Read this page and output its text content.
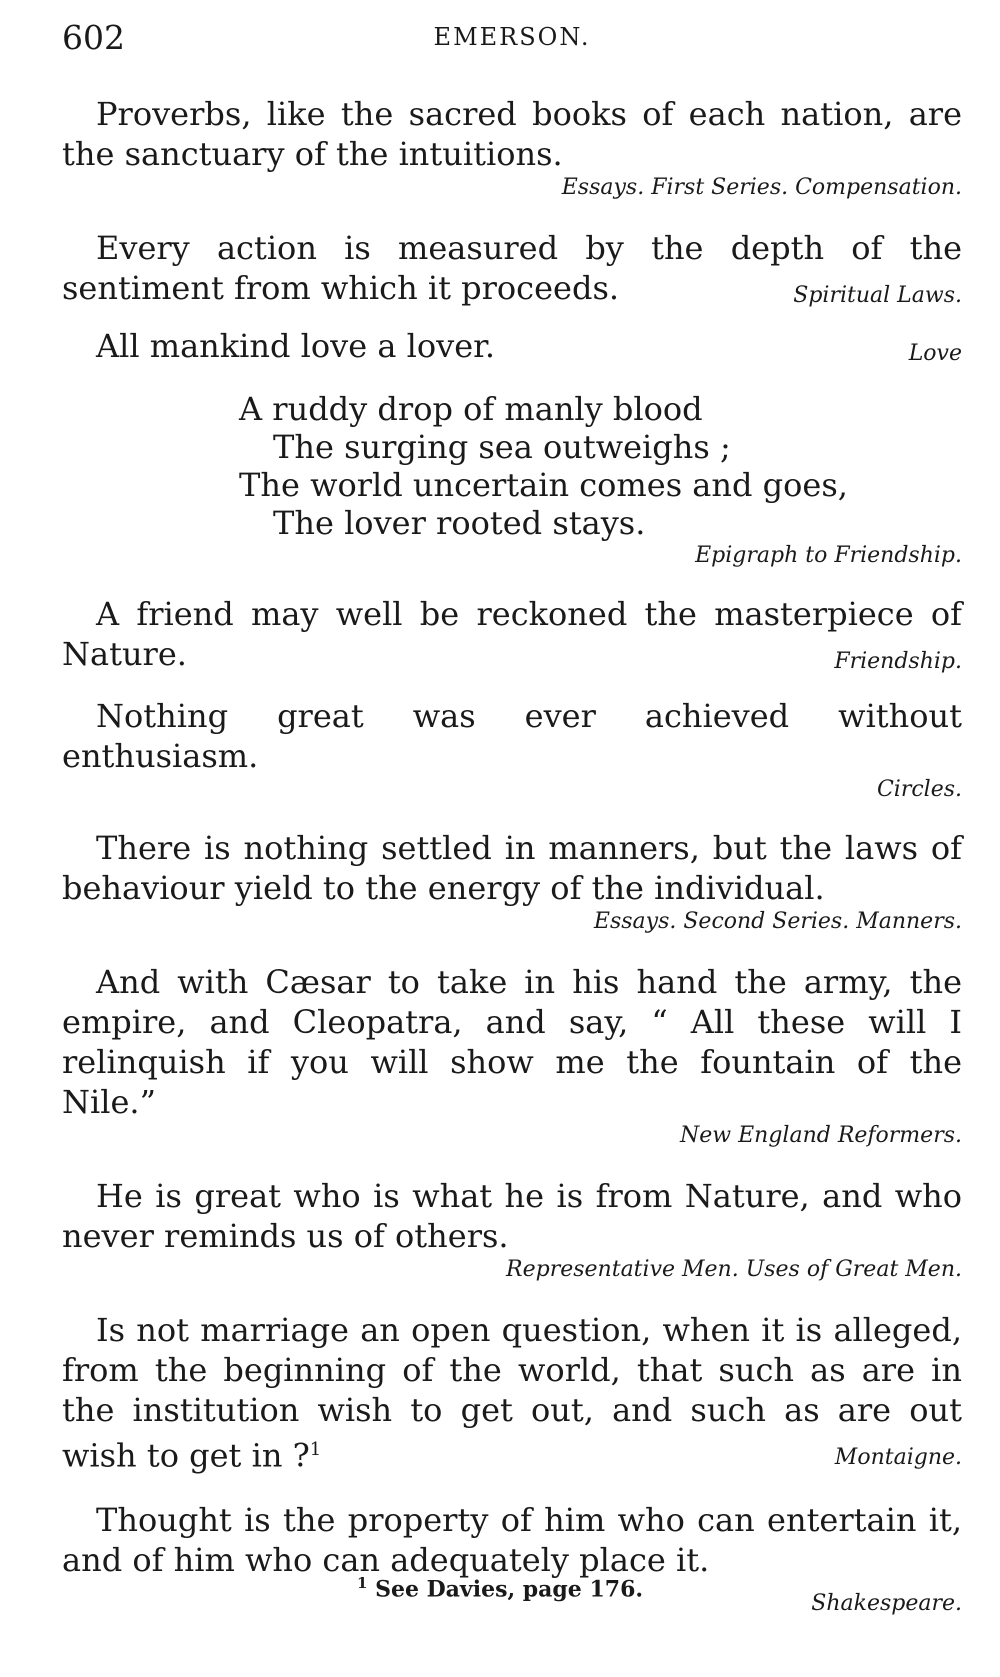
602	EMERSON.

Proverbs, like the sacred books of each nation, are the sanctuary of the intuitions.

Essays. First Series. Compensation.

Every action is measured by the depth of the sentiment from which it proceeds.	Spiritual Laws.

All mankind love a lover.	Love

A ruddy drop of manly blood
The surging sea outweighs ;
The world uncertain comes and goes,
The lover rooted stays.

Epigraph to Friendship.

A friend may well be reckoned the masterpiece of Nature.	Friendship.

Nothing great was ever achieved without enthusiasm.

Circles.

There is nothing settled in manners, but the laws of behaviour yield to the energy of the individual.

Essays. Second Series. Manners.

And with Cæsar to take in his hand the army, the empire, and Cleopatra, and say, “ All these will I relinquish if you will show me the fountain of the Nile.”

New England Reformers.

He is great who is what he is from Nature, and who never reminds us of others.

Representative Men. Uses of Great Men.

Is not marriage an open question, when it is alleged, from the beginning of the world, that such as are in the institution wish to get out, and such as are out wish to get in ?$^1$	Montaigne.

Thought is the property of him who can entertain it, and of him who can adequately place it.

Shakespeare.

$^1$ See Davies, page 176.
